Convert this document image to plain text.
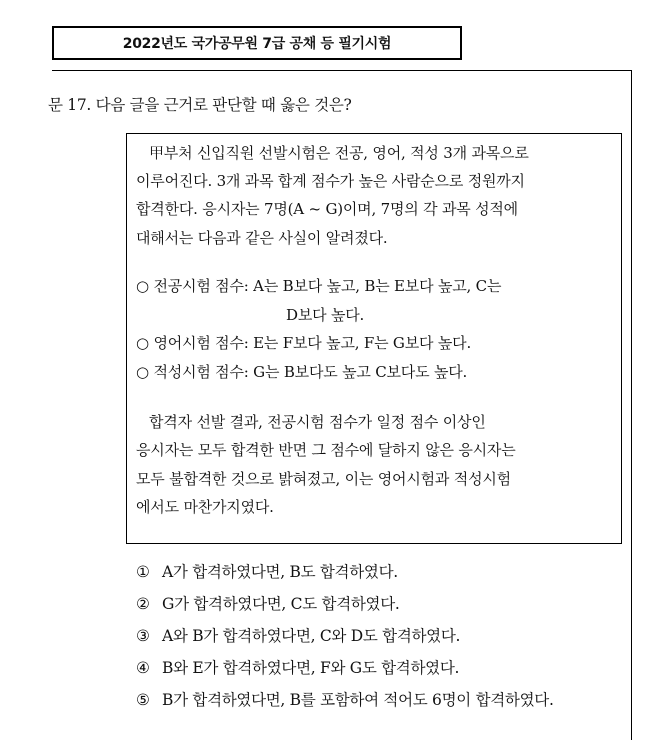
2022년도 국가공무원 7급 공채 등 필기시험
문 17. 다음 글을 근거로 판단할 때 옳은 것은?
甲부처 신입직원 선발시험은 전공, 영어, 적성 3개 과목으로
이루어진다. 3개 과목 합계 점수가 높은 사람순으로 정원까지
합격한다. 응시자는 7명(A ~ G)이며, 7명의 각 과목 성적에
대해서는 다음과 같은 사실이 알려졌다.
○ 전공시험 점수: A는 B보다 높고, B는 E보다 높고, C는
D보다 높다.
○ 영어시험 점수: E는 F보다 높고, F는 G보다 높다.
○ 적성시험 점수: G는 B보다도 높고 C보다도 높다.
합격자 선발 결과, 전공시험 점수가 일정 점수 이상인
응시자는 모두 합격한 반면 그 점수에 달하지 않은 응시자는
모두 불합격한 것으로 밝혀졌고, 이는 영어시험과 적성시험
에서도 마찬가지였다.
① A가 합격하였다면, B도 합격하였다.
② G가 합격하였다면, C도 합격하였다.
③ A와 B가 합격하였다면, C와 D도 합격하였다.
④ B와 E가 합격하였다면, F와 G도 합격하였다.
⑤ B가 합격하였다면, B를 포함하여 적어도 6명이 합격하였다.
